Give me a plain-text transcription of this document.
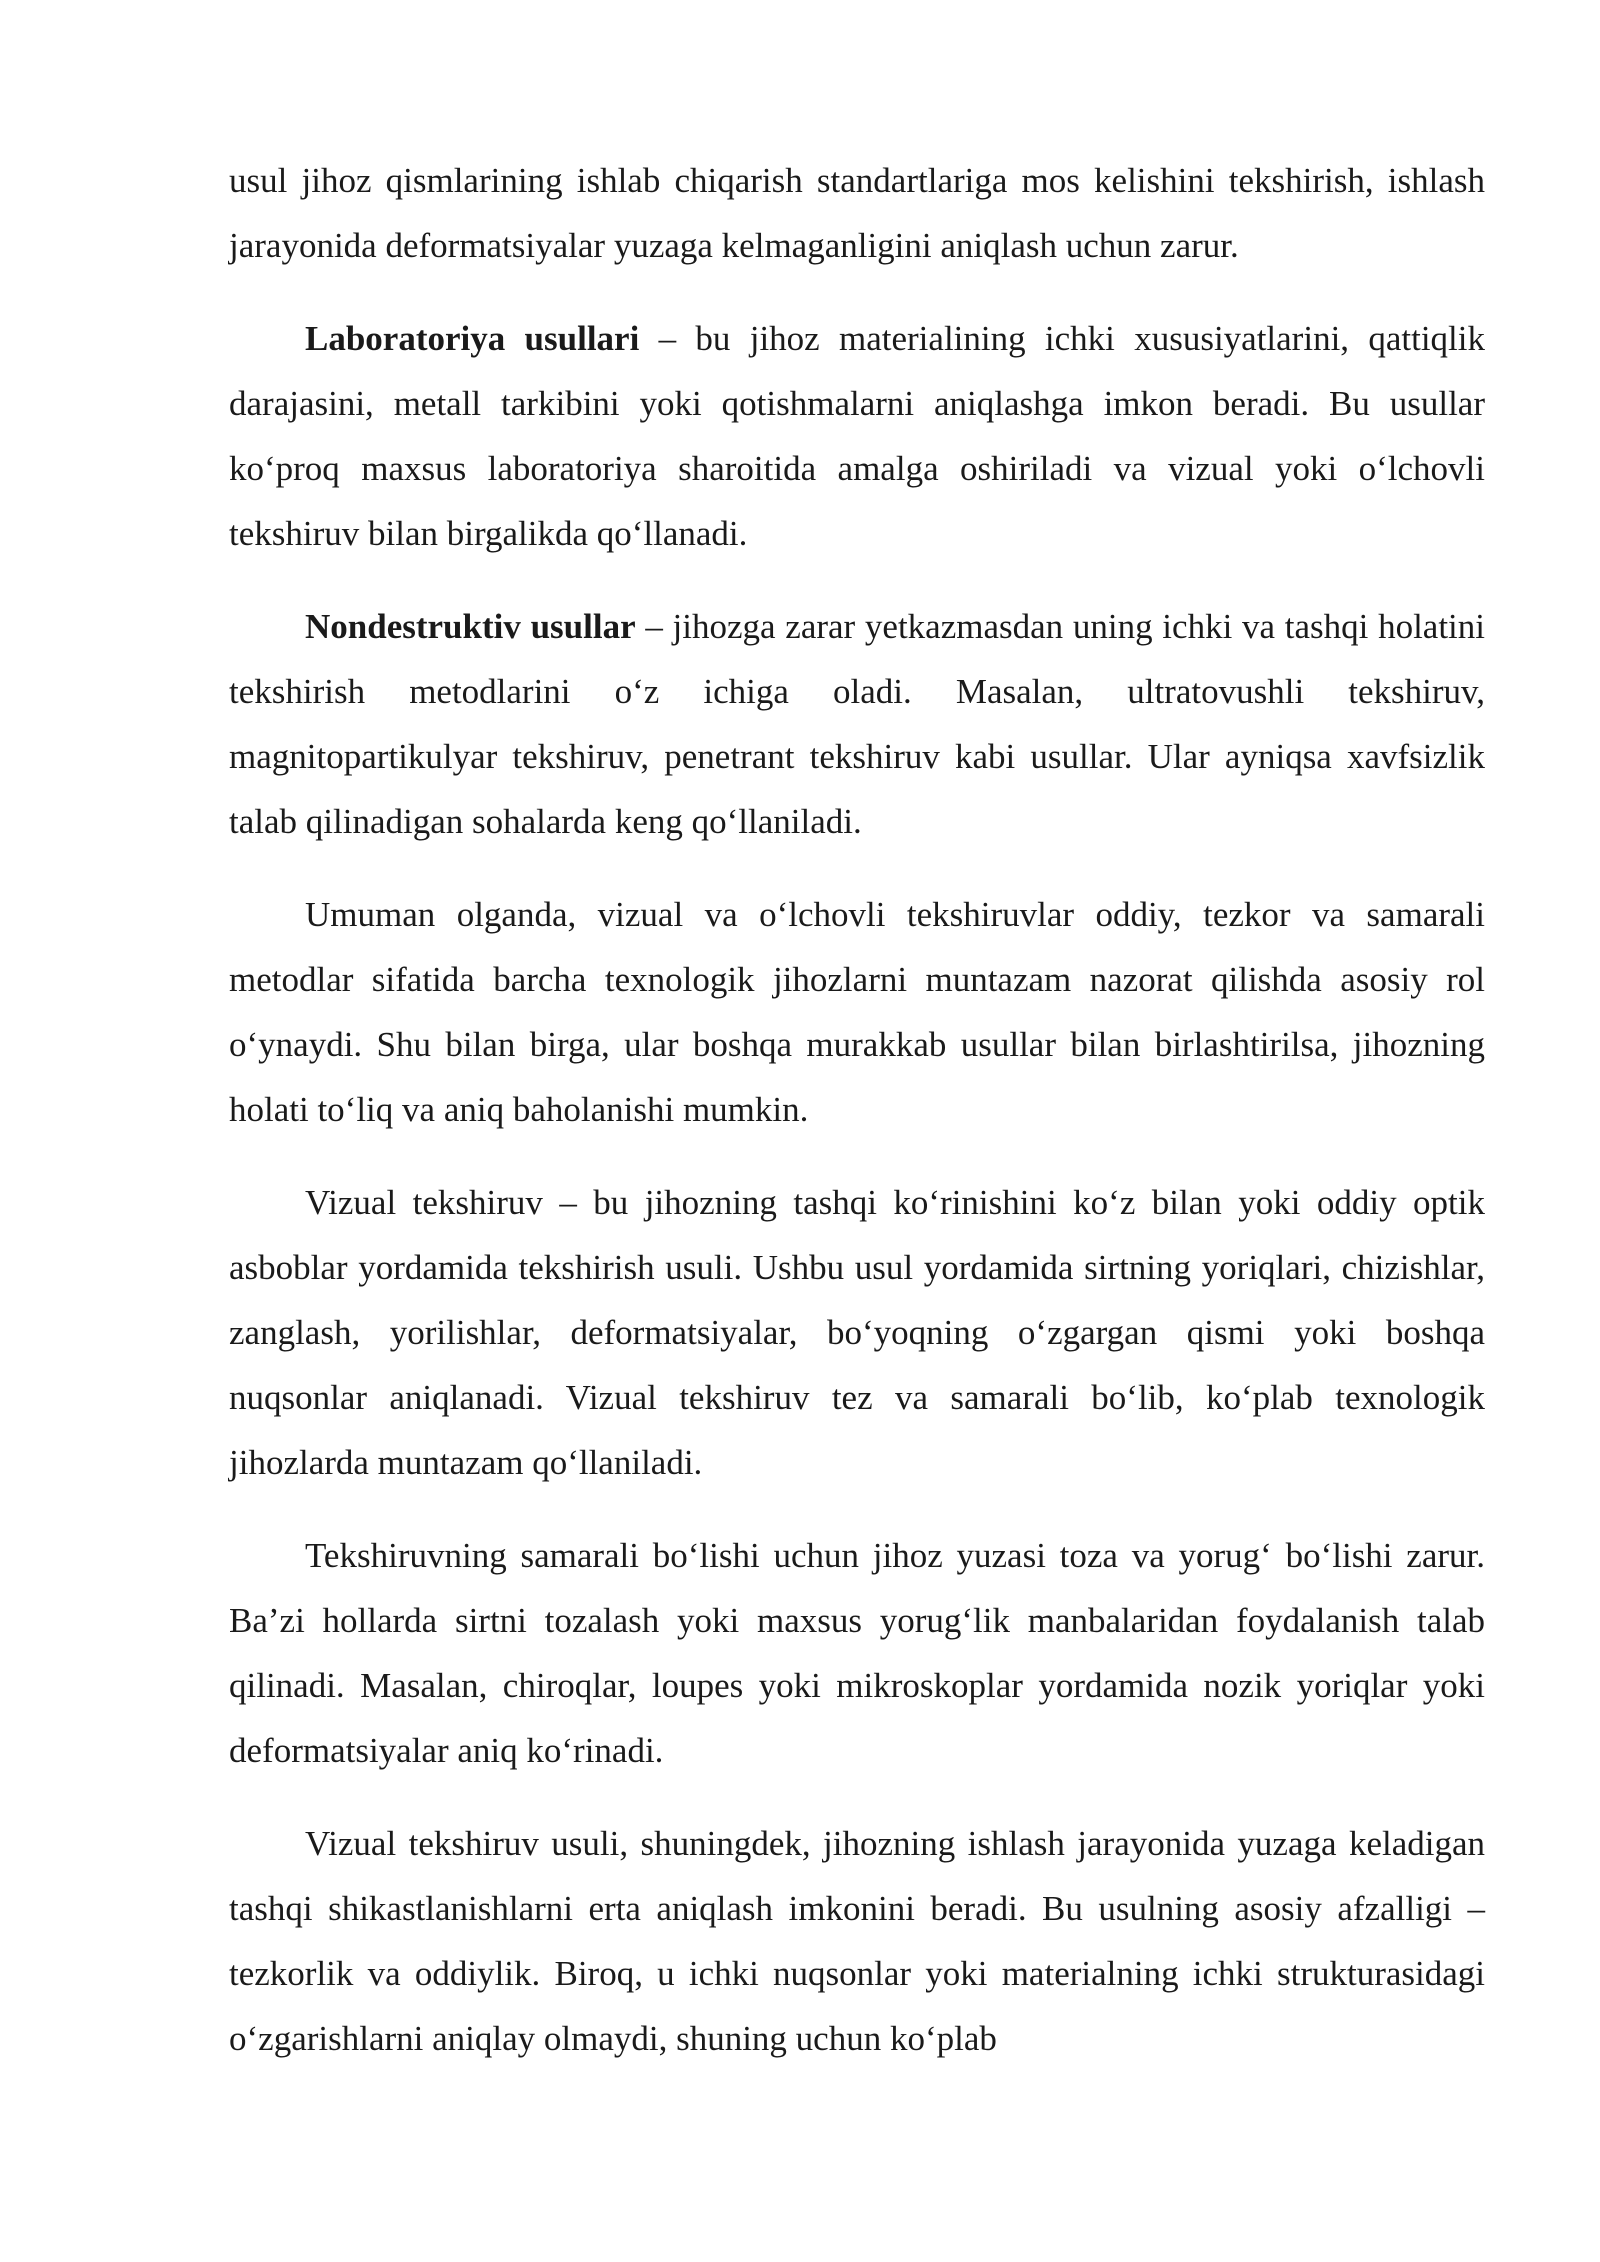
usul jihoz qismlarining ishlab chiqarish standartlariga mos kelishini tekshirish, ishlash jarayonida deformatsiyalar yuzaga kelmaganligini aniqlash uchun zarur.

Laboratoriya usullari – bu jihoz materialining ichki xususiyatlarini, qattiqlik darajasini, metall tarkibini yoki qotishmalarni aniqlashga imkon beradi. Bu usullar koʻproq maxsus laboratoriya sharoitida amalga oshiriladi va vizual yoki oʻlchovli tekshiruv bilan birgalikda qoʻllanadi.

Nondestruktiv usullar – jihozga zarar yetkazmasdan uning ichki va tashqi holatini tekshirish metodlarini oʻz ichiga oladi. Masalan, ultratovushli tekshiruv, magnitopartikulyar tekshiruv, penetrant tekshiruv kabi usullar. Ular ayniqsa xavfsizlik talab qilinadigan sohalarda keng qoʻllaniladi.

Umuman olganda, vizual va oʻlchovli tekshiruvlar oddiy, tezkor va samarali metodlar sifatida barcha texnologik jihozlarni muntazam nazorat qilishda asosiy rol oʻynaydi. Shu bilan birga, ular boshqa murakkab usullar bilan birlashtirilsa, jihozning holati toʻliq va aniq baholanishi mumkin.

Vizual tekshiruv – bu jihozning tashqi koʻrinishini koʻz bilan yoki oddiy optik asboblar yordamida tekshirish usuli. Ushbu usul yordamida sirtning yoriqlari, chizishlar, zanglash, yorilishlar, deformatsiyalar, boʻyoqning oʻzgargan qismi yoki boshqa nuqsonlar aniqlanadi. Vizual tekshiruv tez va samarali boʻlib, koʻplab texnologik jihozlarda muntazam qoʻllaniladi.

Tekshiruvning samarali boʻlishi uchun jihoz yuzasi toza va yorugʻ boʻlishi zarur. Ba’zi hollarda sirtni tozalash yoki maxsus yorugʻlik manbalaridan foydalanish talab qilinadi. Masalan, chiroqlar, loupes yoki mikroskoplar yordamida nozik yoriqlar yoki deformatsiyalar aniq koʻrinadi.

Vizual tekshiruv usuli, shuningdek, jihozning ishlash jarayonida yuzaga keladigan tashqi shikastlanishlarni erta aniqlash imkonini beradi. Bu usulning asosiy afzalligi – tezkorlik va oddiylik. Biroq, u ichki nuqsonlar yoki materialning ichki strukturasidagi oʻzgarishlarni aniqlay olmaydi, shuning uchun koʻplab
